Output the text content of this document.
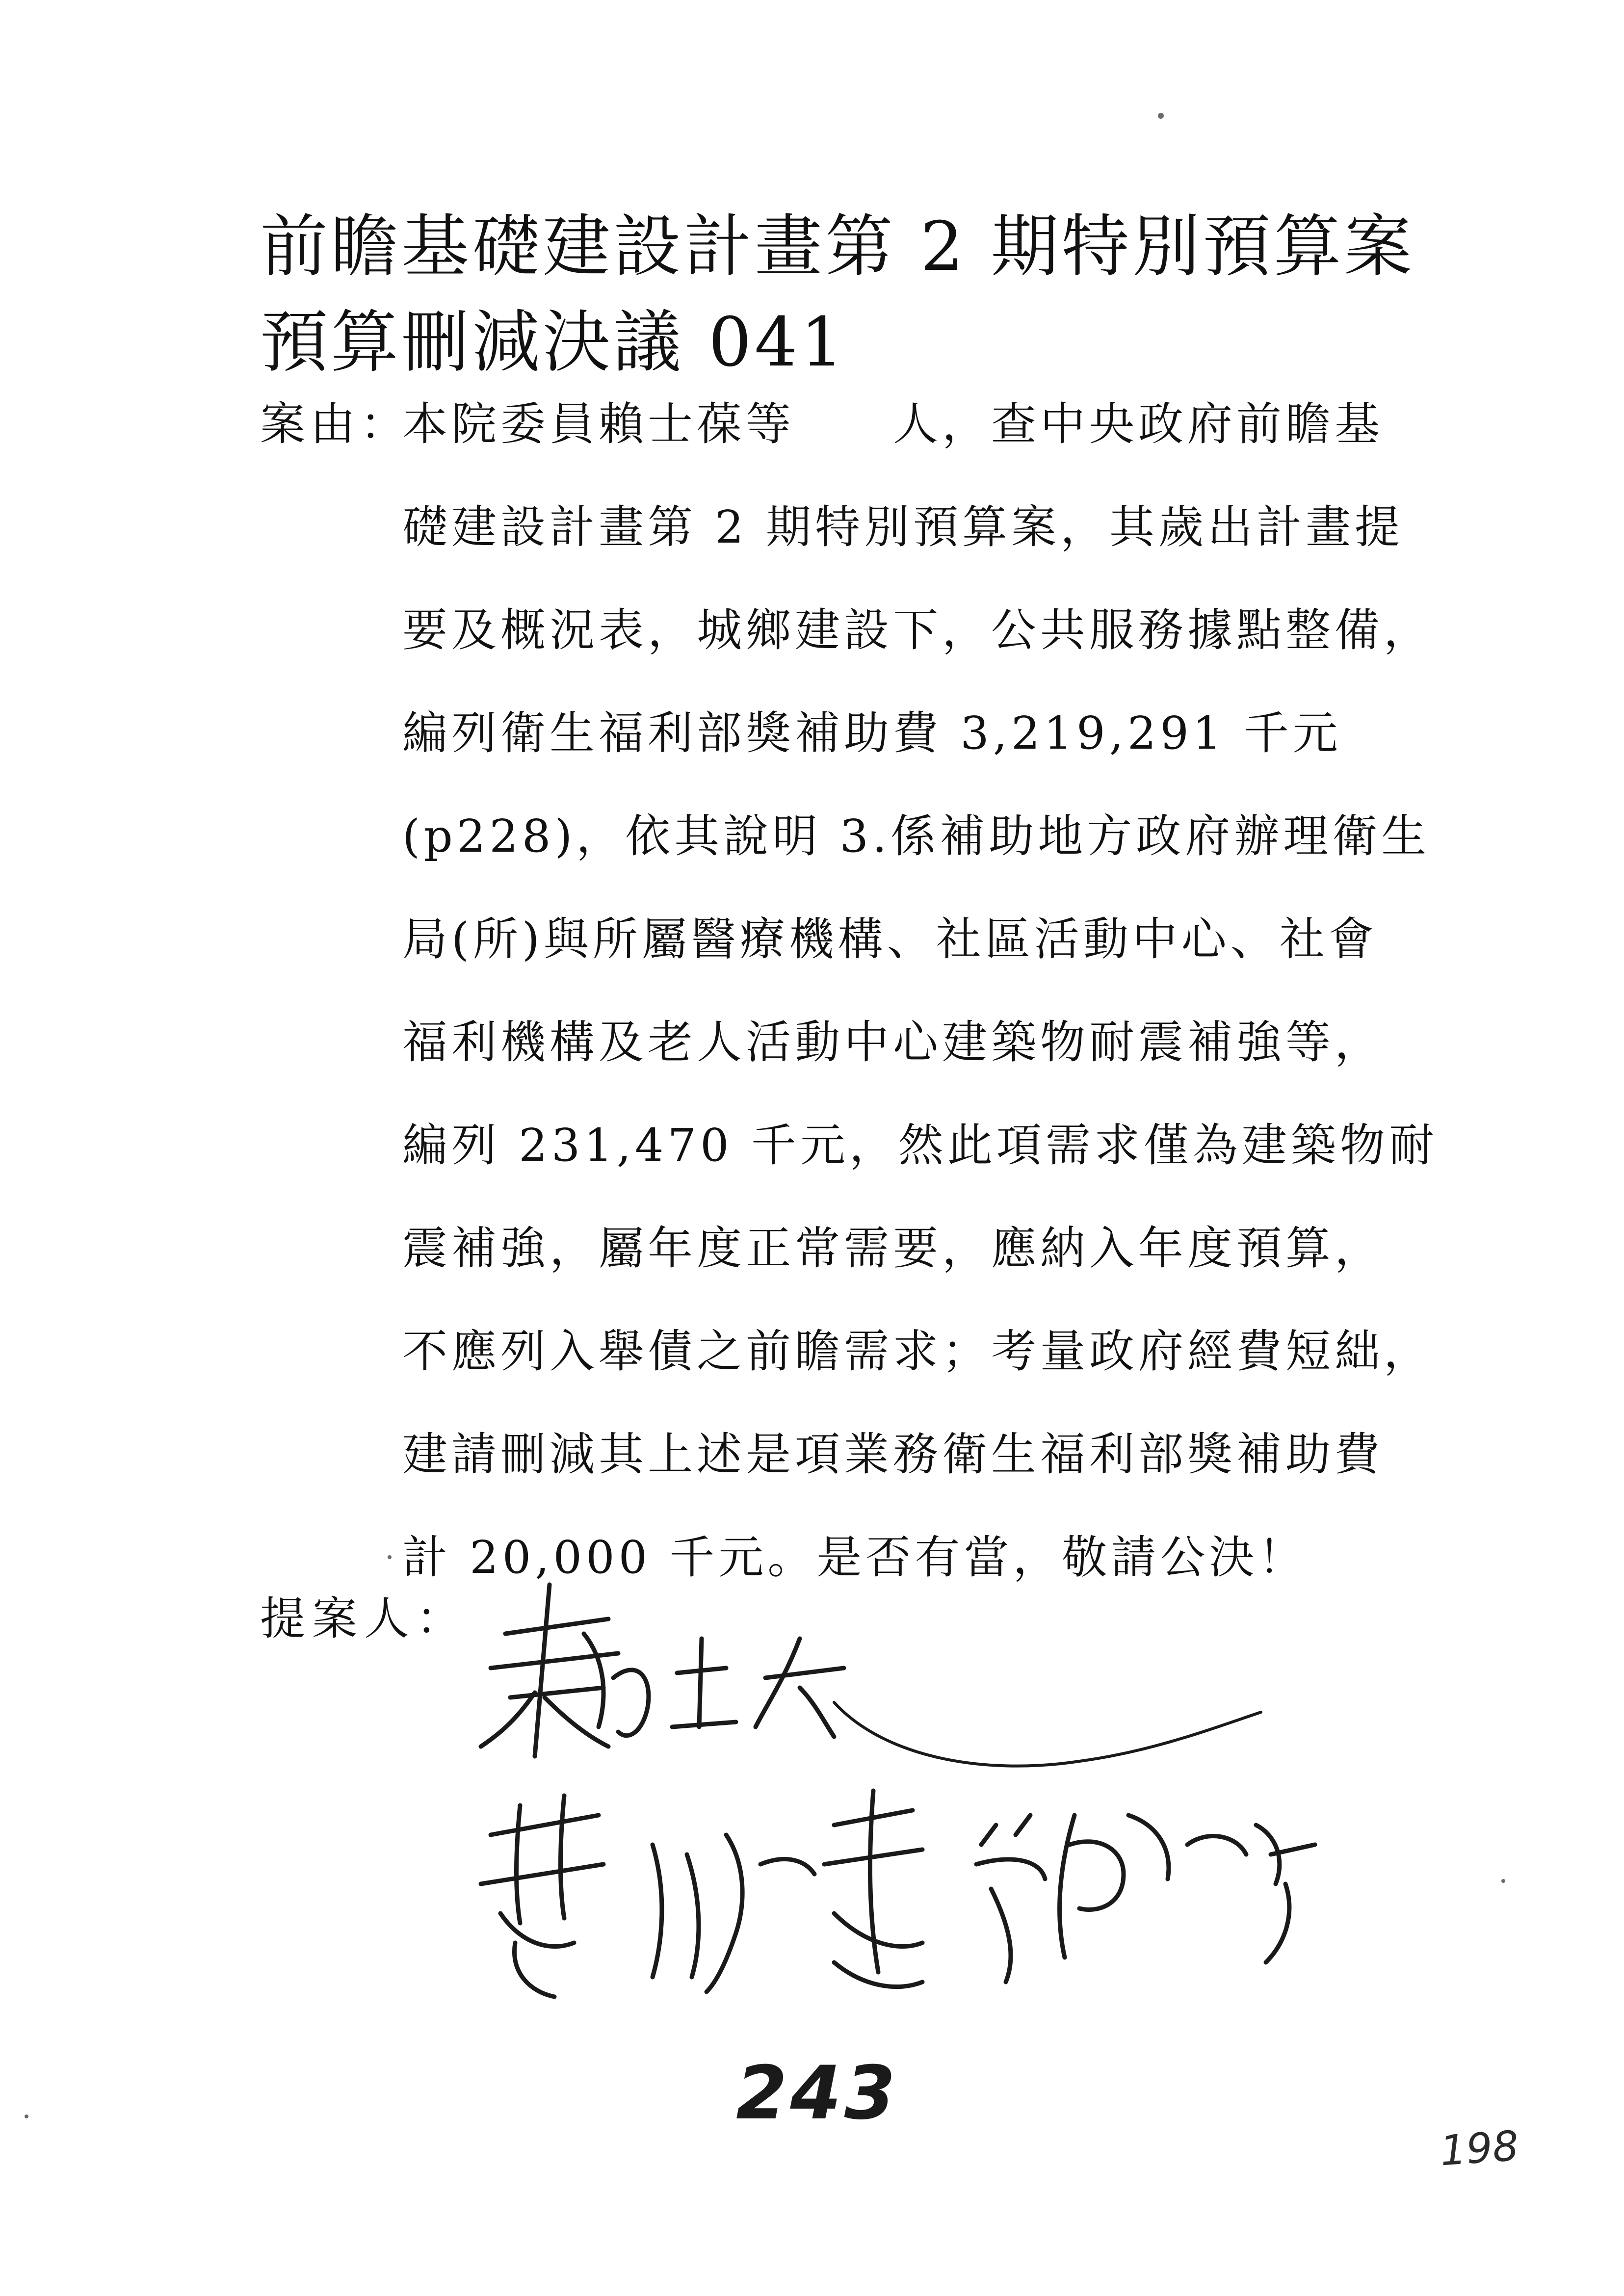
前瞻基礎建設計畫第 2 期特別預算案
預算刪減決議 041
案由：
本院委員賴士葆等　　人，查中央政府前瞻基
礎建設計畫第 2 期特別預算案，其歲出計畫提
要及概況表，城鄉建設下，公共服務據點整備，
編列衛生福利部獎補助費 3,219,291 千元
(p228)，依其說明 3.係補助地方政府辦理衛生
局(所)與所屬醫療機構、社區活動中心、社會
福利機構及老人活動中心建築物耐震補強等，
編列 231,470 千元，然此項需求僅為建築物耐
震補強，屬年度正常需要，應納入年度預算，
不應列入舉債之前瞻需求；考量政府經費短絀，
建請刪減其上述是項業務衛生福利部獎補助費
計 20,000 千元。是否有當，敬請公決！
提案人：
243
198
